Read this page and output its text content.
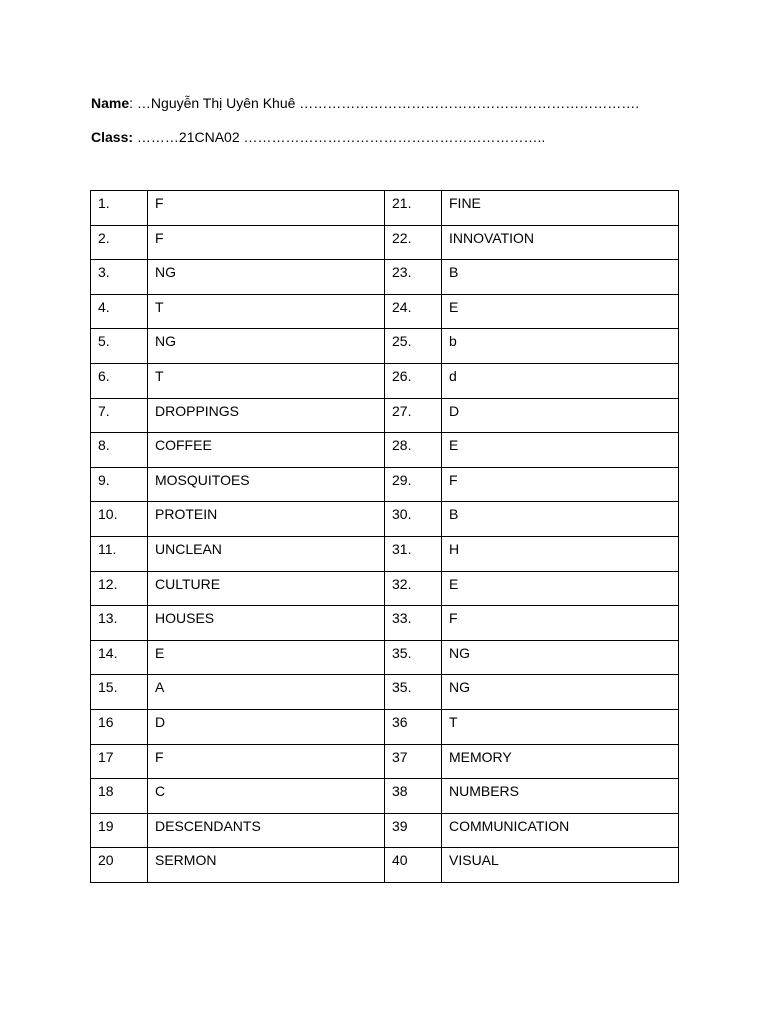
Name: …Nguyễn Thị Uyên Khuê ……………………………………………………………….
Class: ………21CNA02 ………………………………………………………..
1.	F	21.	FINE
2.	F	22.	INNOVATION
3.	NG	23.	B
4.	T	24.	E
5.	NG	25.	b
6.	T	26.	d
7.	DROPPINGS	27.	D
8.	COFFEE	28.	E
9.	MOSQUITOES	29.	F
10.	PROTEIN	30.	B
11.	UNCLEAN	31.	H
12.	CULTURE	32.	E
13.	HOUSES	33.	F
14.	E	35.	NG
15.	A	35.	NG
16	D	36	T
17	F	37	MEMORY
18	C	38	NUMBERS
19	DESCENDANTS	39	COMMUNICATION
20	SERMON	40	VISUAL
